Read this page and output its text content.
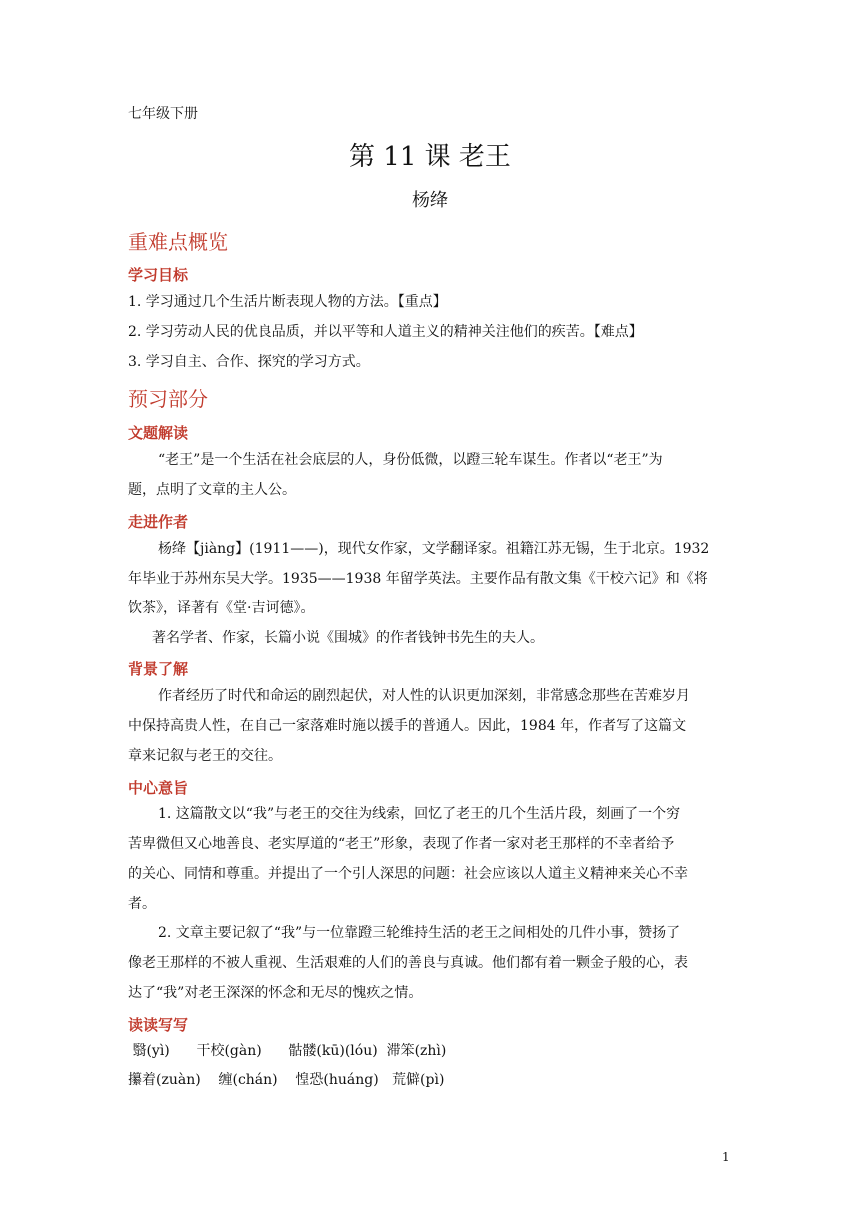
七年级下册
第 11 课 老王
杨绛
重难点概览
学习目标
1. 学习通过几个生活片断表现人物的方法。【重点】
2. 学习劳动人民的优良品质，并以平等和人道主义的精神关注他们的疾苦。【难点】
3. 学习自主、合作、探究的学习方式。
预习部分
文题解读
“老王”是一个生活在社会底层的人，身份低微，以蹬三轮车谋生。作者以“老王”为
题，点明了文章的主人公。
走进作者
杨绛【jiàng】(1911——)，现代女作家，文学翻译家。祖籍江苏无锡，生于北京。1932
年毕业于苏州东吴大学。1935——1938 年留学英法。主要作品有散文集《干校六记》和《将
饮茶》，译著有《堂·吉诃德》。
著名学者、作家，长篇小说《围城》的作者钱钟书先生的夫人。
背景了解
作者经历了时代和命运的剧烈起伏，对人性的认识更加深刻，非常感念那些在苦难岁月
中保持高贵人性，在自己一家落难时施以援手的普通人。因此，1984 年，作者写了这篇文
章来记叙与老王的交往。
中心意旨
1. 这篇散文以“我”与老王的交往为线索，回忆了老王的几个生活片段，刻画了一个穷
苦卑微但又心地善良、老实厚道的“老王”形象，表现了作者一家对老王那样的不幸者给予
的关心、同情和尊重。并提出了一个引人深思的问题：社会应该以人道主义精神来关心不幸
者。
2. 文章主要记叙了“我”与一位靠蹬三轮维持生活的老王之间相处的几件小事，赞扬了
像老王那样的不被人重视、生活艰难的人们的善良与真诚。他们都有着一颗金子般的心，表
达了“我”对老王深深的怀念和无尽的愧疚之情。
读读写写
翳(yì)      干校(gàn)      骷髅(kū)(lóu)  滞笨(zhì)
攥着(zuàn)    缠(chán)    惶恐(huáng)   荒僻(pì)
1
